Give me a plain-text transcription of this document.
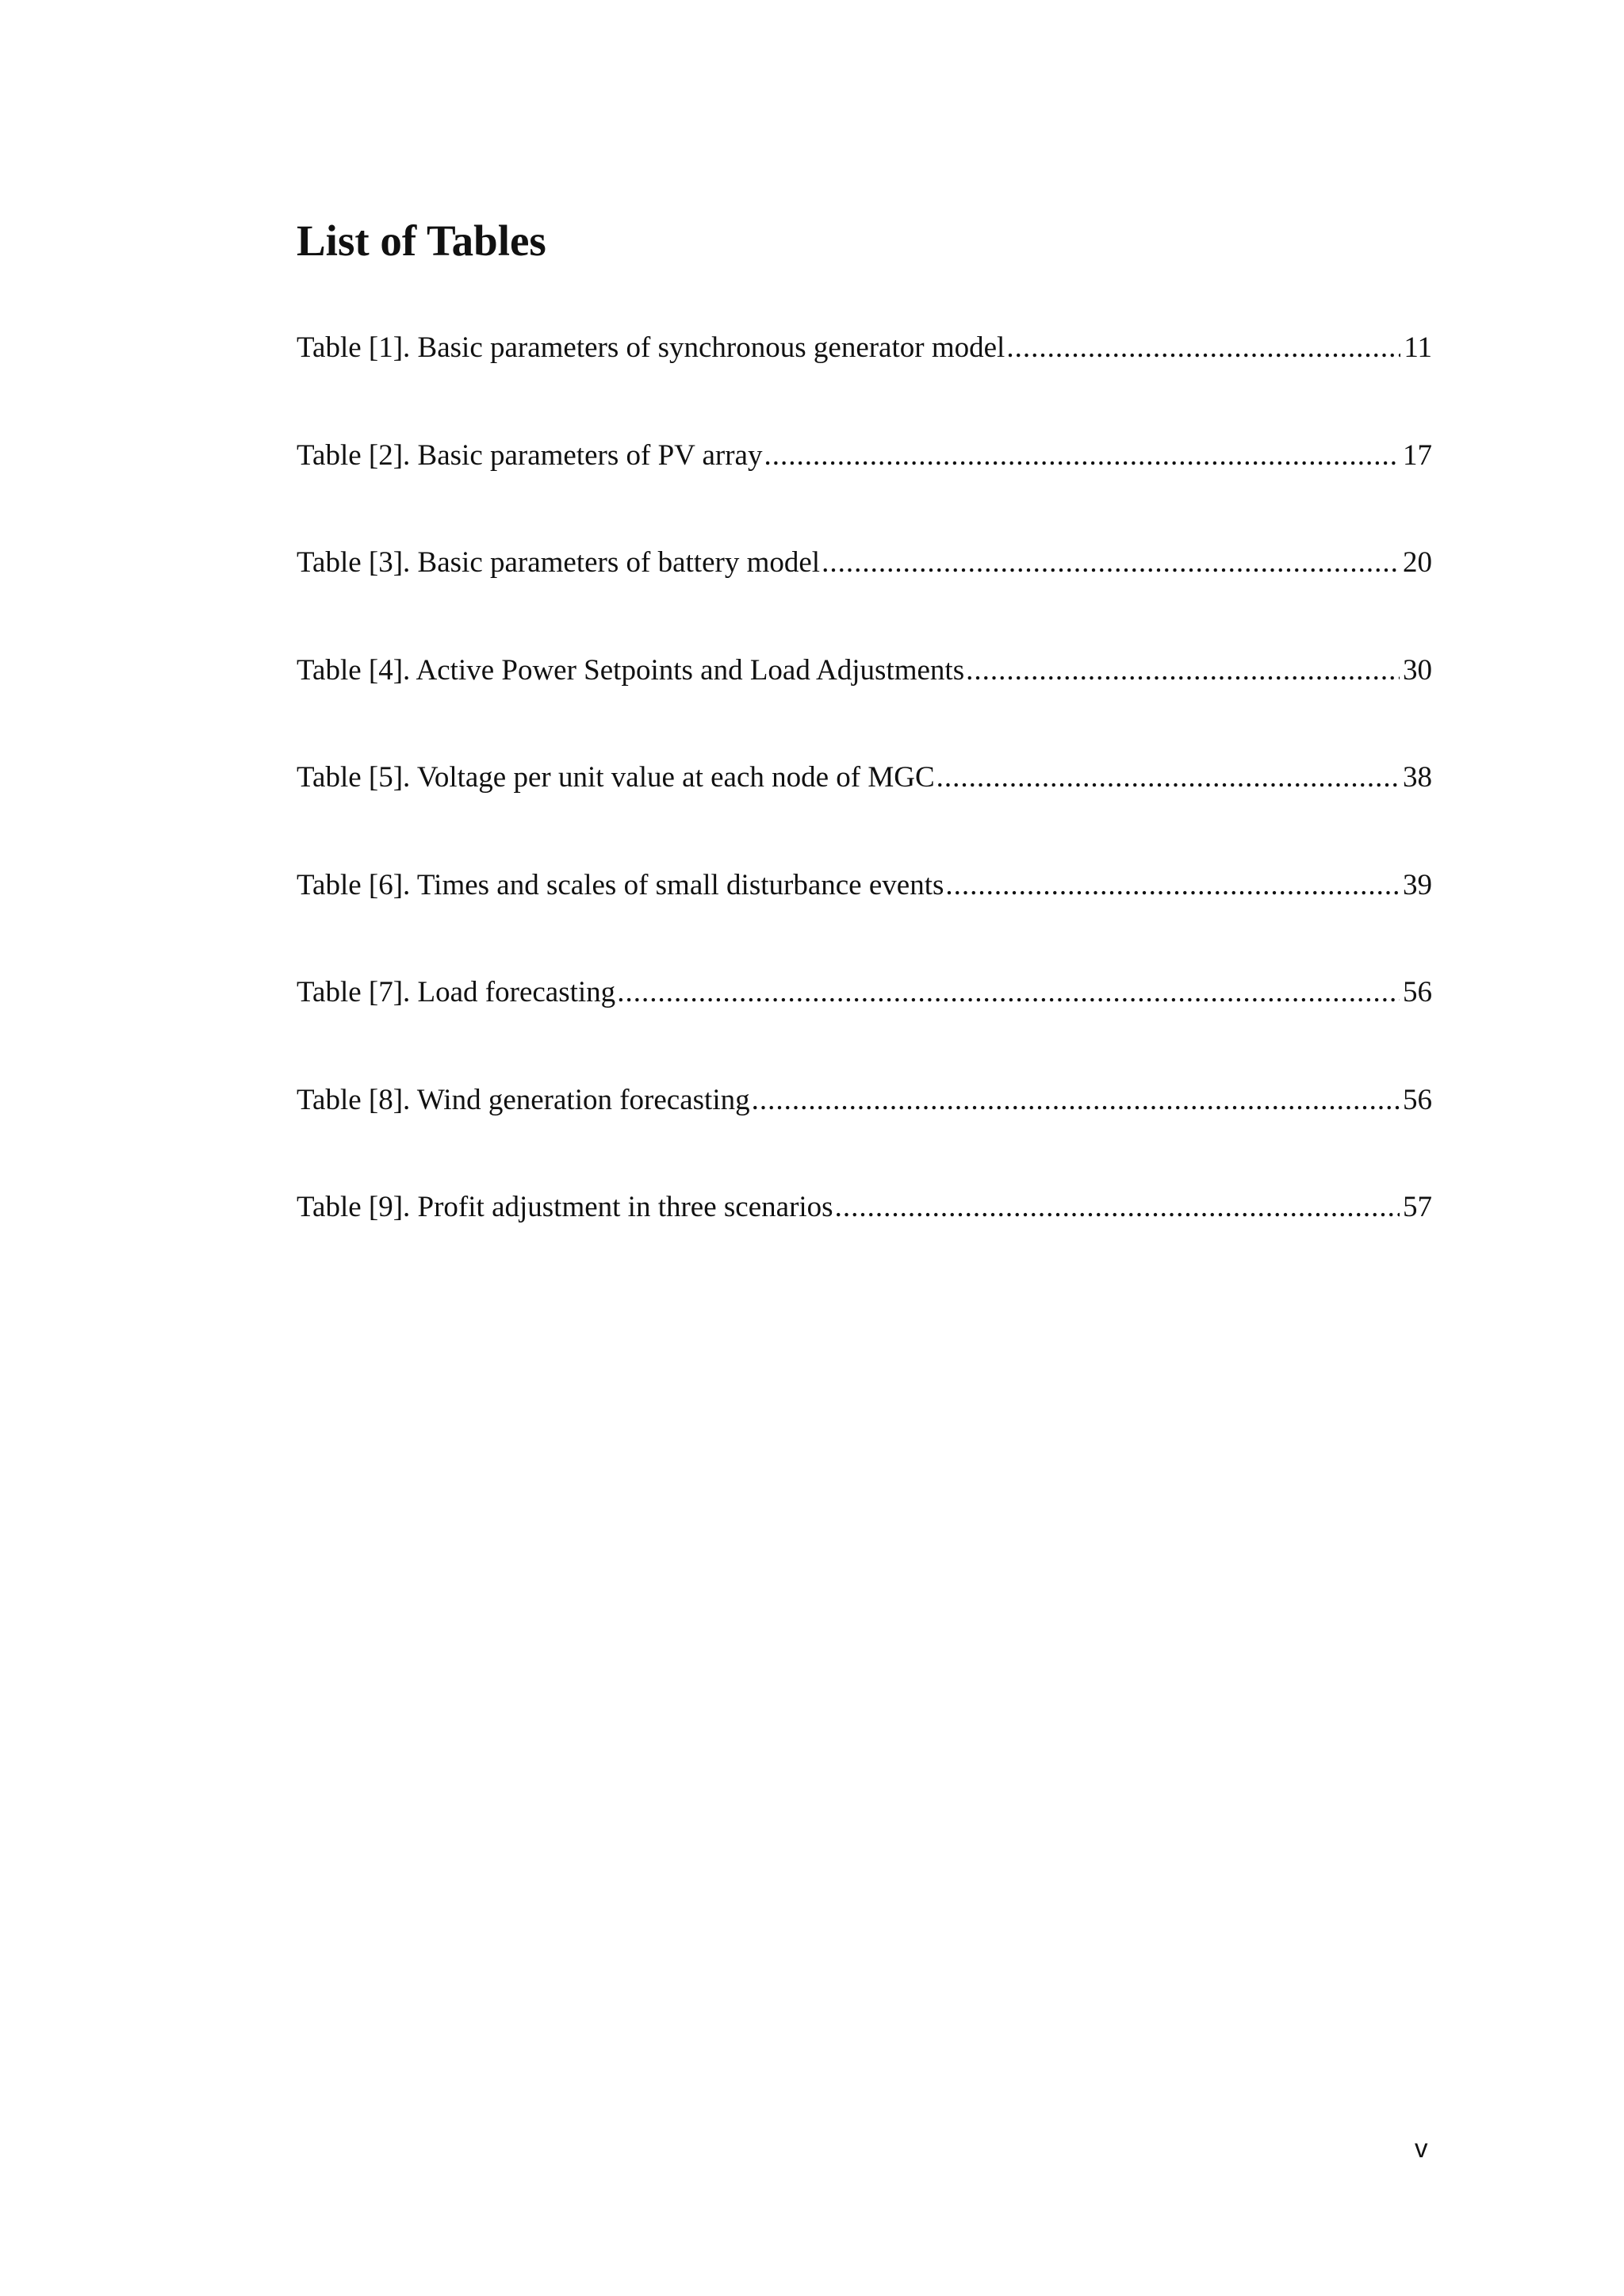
List of Tables
Table [1]. Basic parameters of synchronous generator model .....	11
Table [2]. Basic parameters of PV array .....	17
Table [3]. Basic parameters of battery model .....	20
Table [4]. Active Power Setpoints and Load Adjustments .....	30
Table [5]. Voltage per unit value at each node of MGC .....	38
Table [6]. Times and scales of small disturbance events .....	39
Table [7]. Load forecasting .....	56
Table [8]. Wind generation forecasting .....	56
Table [9]. Profit adjustment in three scenarios .....	57
v
